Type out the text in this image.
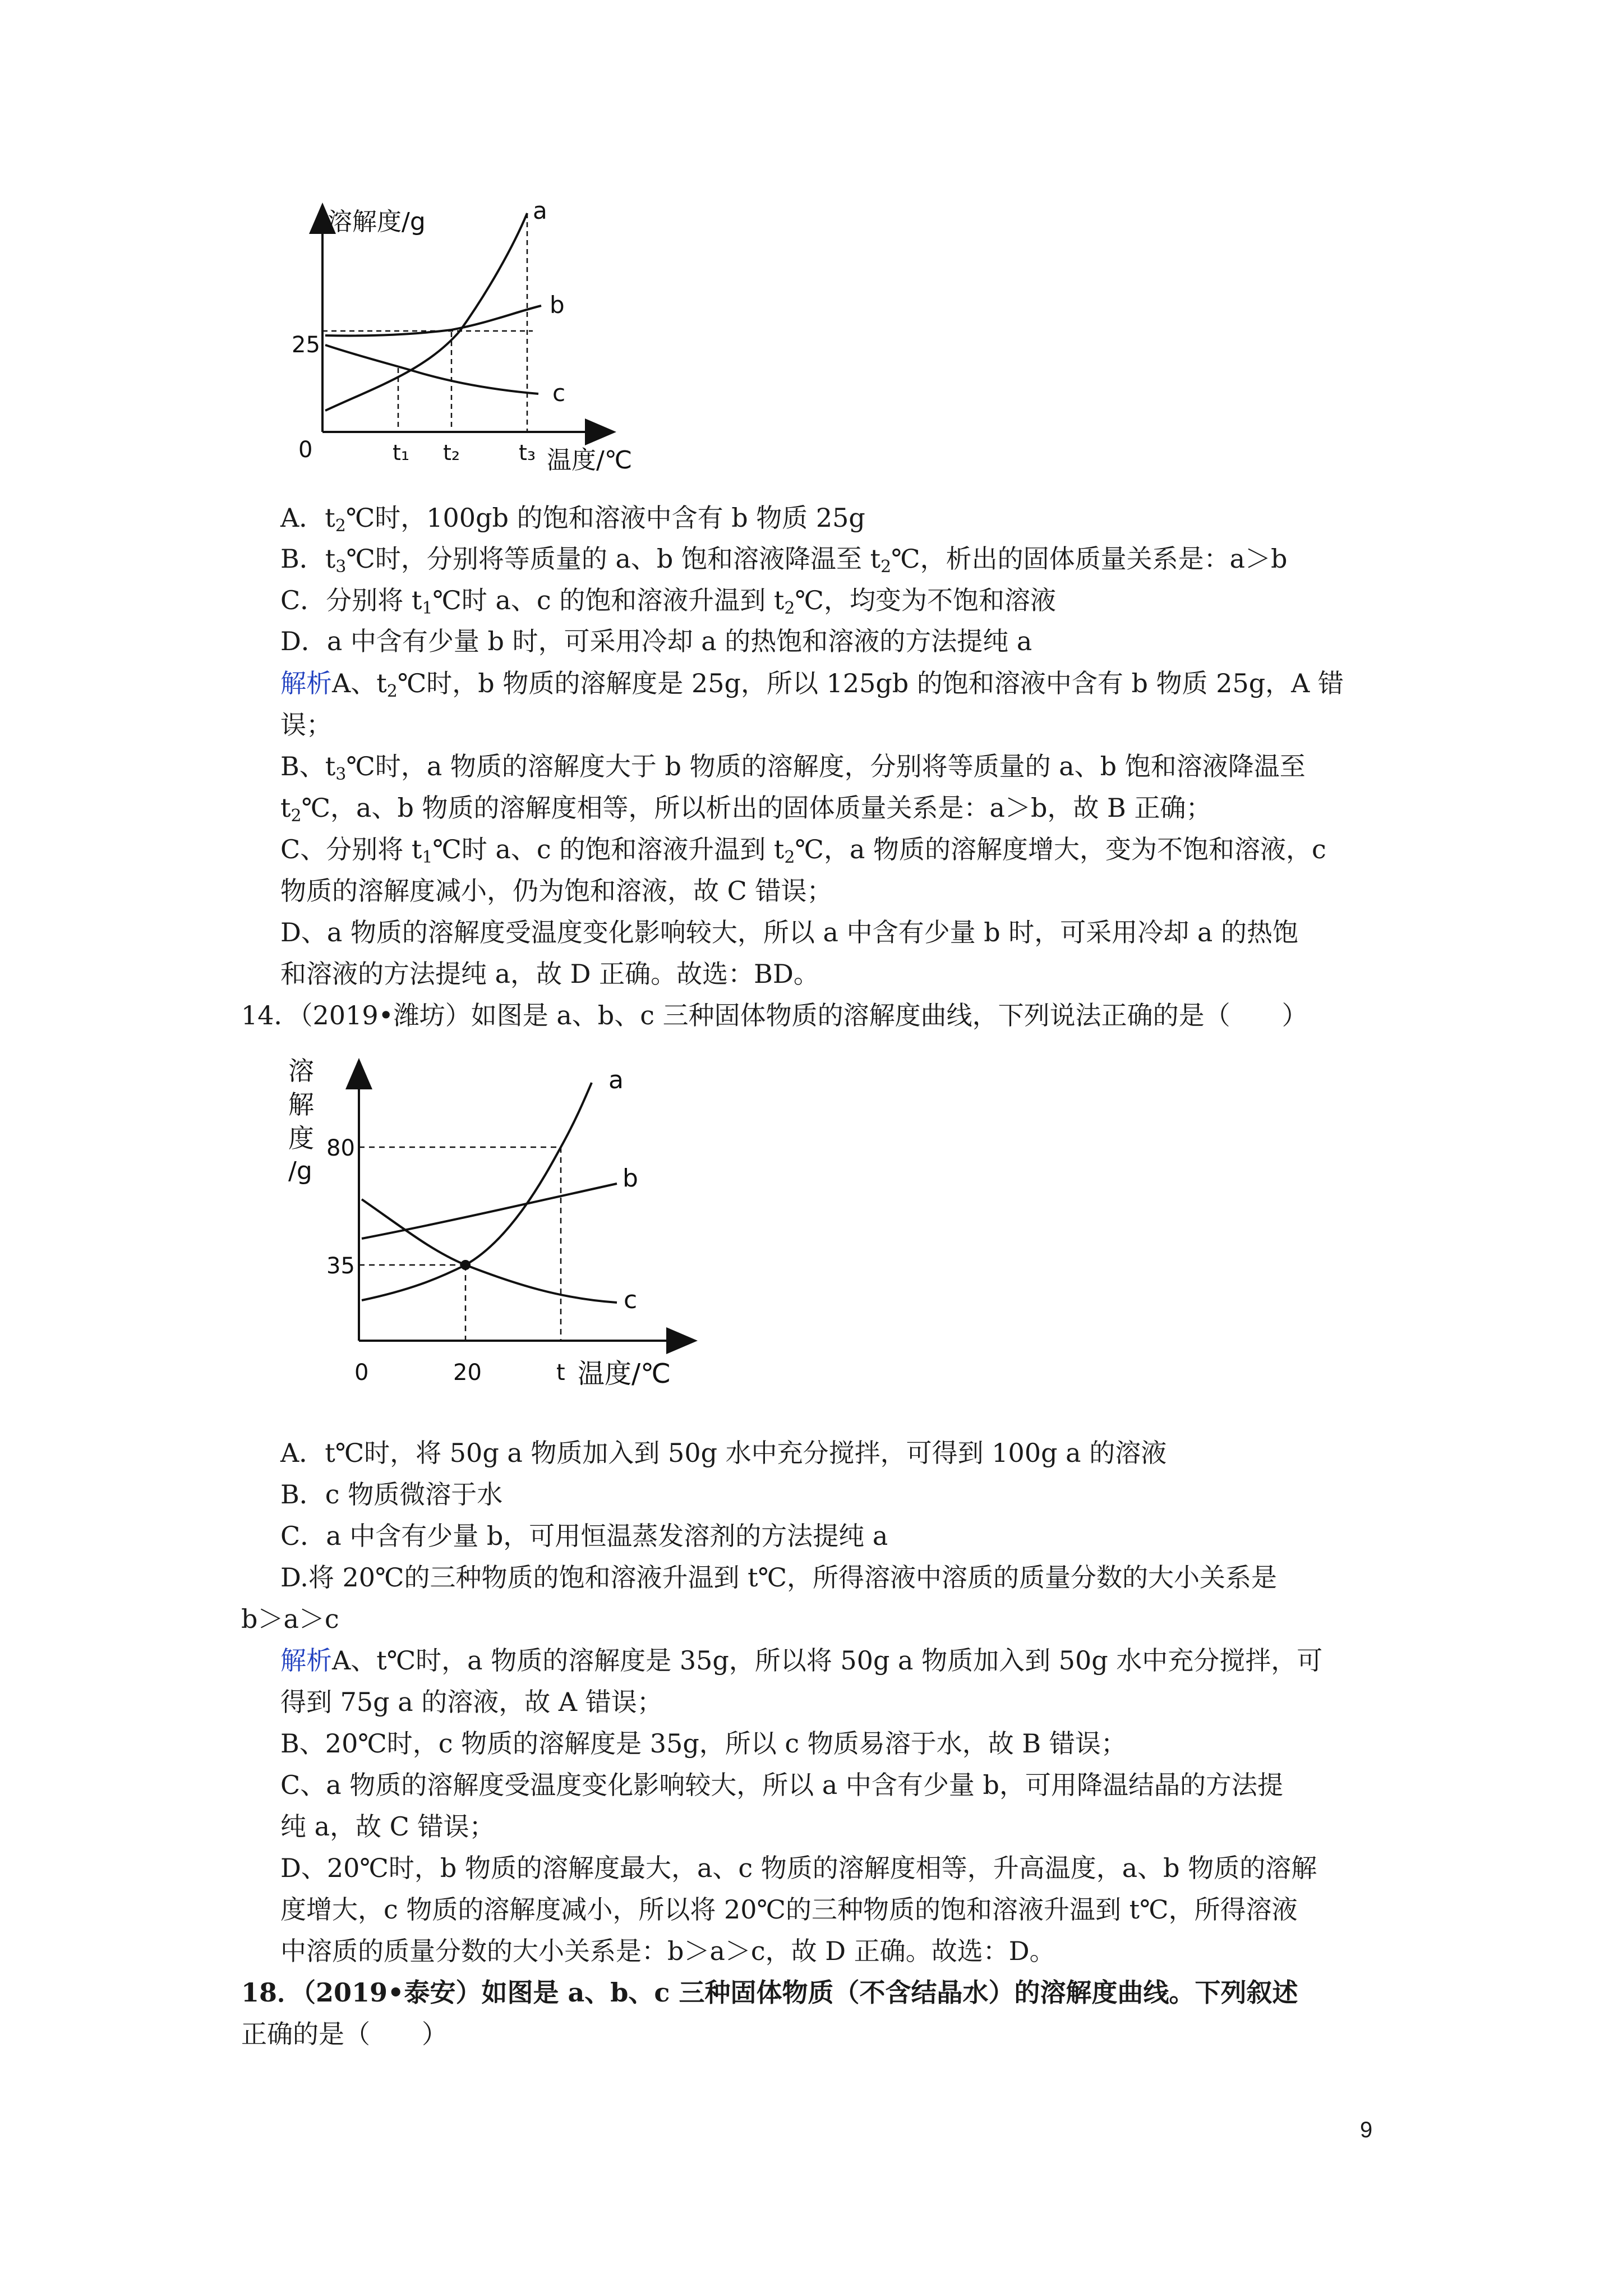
溶解度/g
温度/℃
0
25
t₁ t₂	t₃
a
b
c
A．$t_2℃$时，100gb 的饱和溶液中含有 b 物质 25g
B．$t_3℃$时，分别将等质量的 a、b 饱和溶液降温至 $t_2℃$，析出的固体质量关系是：a＞b
C．分别将 $t_1℃$时 a、c 的饱和溶液升温到 $t_2℃$，均变为不饱和溶液
D．a 中含有少量 b 时，可采用冷却 a 的热饱和溶液的方法提纯 a
解析A、$t_2℃$时，b 物质的溶解度是 25g，所以 125gb 的饱和溶液中含有 b 物质 25g，A 错
误；
B、$t_3℃$时，a 物质的溶解度大于 b 物质的溶解度，分别将等质量的 a、b 饱和溶液降温至
$t_2℃$，a、b 物质的溶解度相等，所以析出的固体质量关系是：a＞b，故 B 正确；
C、分别将 $t_1℃$时 a、c 的饱和溶液升温到 $t_2℃$，a 物质的溶解度增大，变为不饱和溶液，c
物质的溶解度减小，仍为饱和溶液，故 C 错误；
D、a 物质的溶解度受温度变化影响较大，所以 a 中含有少量 b 时，可采用冷却 a 的热饱
和溶液的方法提纯 a，故 D 正确。故选：BD。
14．（2019•潍坊）如图是 a、b、c 三种固体物质的溶解度曲线，下列说法正确的是（　　）
溶
解
度
/g
80
35
0	20	t 温度/℃
a
b
c
A．t℃时，将 50g a 物质加入到 50g 水中充分搅拌，可得到 100g a 的溶液
B．c 物质微溶于水
C．a 中含有少量 b，可用恒温蒸发溶剂的方法提纯 a
D.将 20℃的三种物质的饱和溶液升温到 t℃，所得溶液中溶质的质量分数的大小关系是
b＞a＞c
解析A、t℃时，a 物质的溶解度是 35g，所以将 50g a 物质加入到 50g 水中充分搅拌，可
得到 75g a 的溶液，故 A 错误；
B、20℃时，c 物质的溶解度是 35g，所以 c 物质易溶于水，故 B 错误；
C、a 物质的溶解度受温度变化影响较大，所以 a 中含有少量 b，可用降温结晶的方法提
纯 a，故 C 错误；
D、20℃时，b 物质的溶解度最大，a、c 物质的溶解度相等，升高温度，a、b 物质的溶解
度增大，c 物质的溶解度减小，所以将 20℃的三种物质的饱和溶液升温到 t℃，所得溶液
中溶质的质量分数的大小关系是：b＞a＞c，故 D 正确。故选：D。
18．（2019•泰安）如图是 a、b、c 三种固体物质（不含结晶水）的溶解度曲线。下列叙述
正确的是（　　）
9
